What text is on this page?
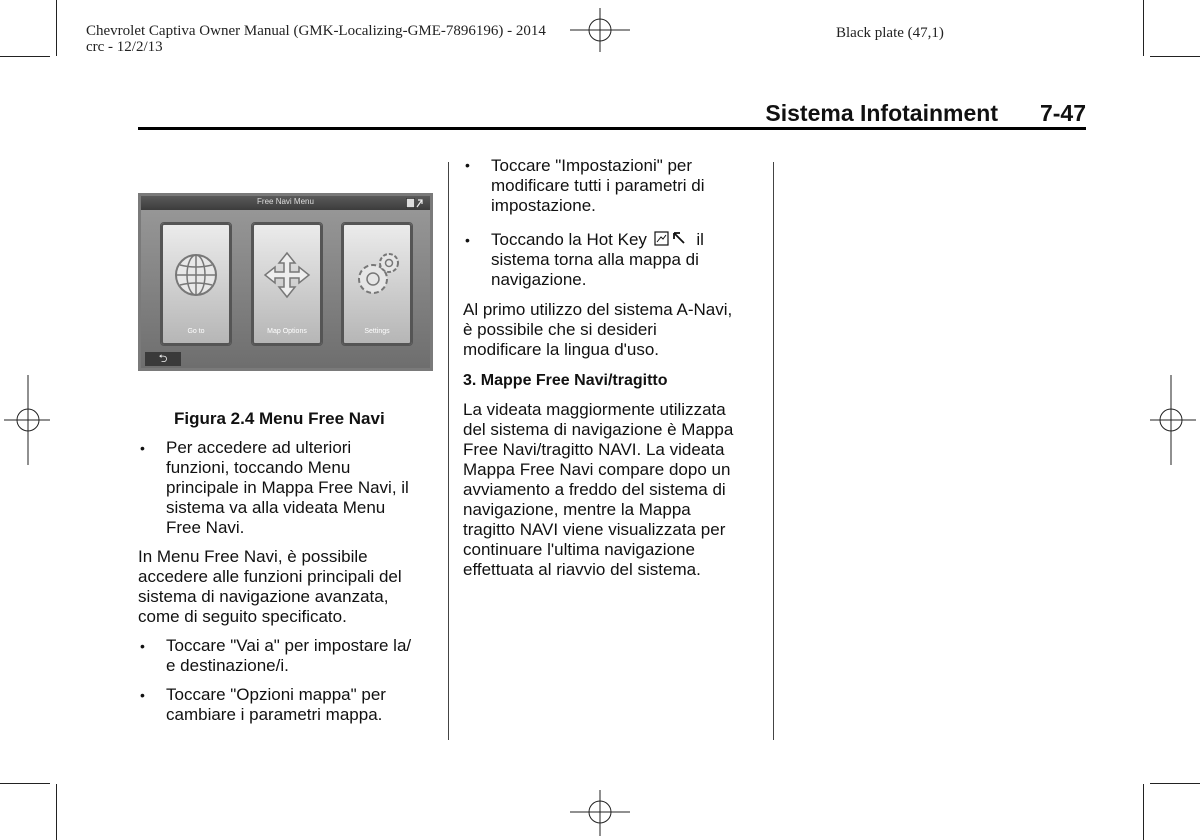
Chevrolet Captiva Owner Manual (GMK-Localizing-GME-7896196) - 2014
crc - 12/2/13
Black plate (47,1)
Sistema Infotainment 7-47
Free Navi Menu
Go to	Map Options	Settings
⮌
Figura 2.4 Menu Free Navi
• Per accedere ad ulteriori
funzioni, toccando Menu
principale in Mappa Free Navi, il
sistema va alla videata Menu
Free Navi.
In Menu Free Navi, è possibile
accedere alle funzioni principali del
sistema di navigazione avanzata,
come di seguito specificato.
• Toccare "Vai a" per impostare la/
e destinazione/i.
• Toccare "Opzioni mappa" per
cambiare i parametri mappa.
• Toccare "Impostazioni" per
modificare tutti i parametri di
impostazione.
• Toccando la Hot Key	il
sistema torna alla mappa di
navigazione.
Al primo utilizzo del sistema A-Navi,
è possibile che si desideri
modificare la lingua d'uso.
3. Mappe Free Navi/tragitto
La videata maggiormente utilizzata
del sistema di navigazione è Mappa
Free Navi/tragitto NAVI. La videata
Mappa Free Navi compare dopo un
avviamento a freddo del sistema di
navigazione, mentre la Mappa
tragitto NAVI viene visualizzata per
continuare l'ultima navigazione
effettuata al riavvio del sistema.
